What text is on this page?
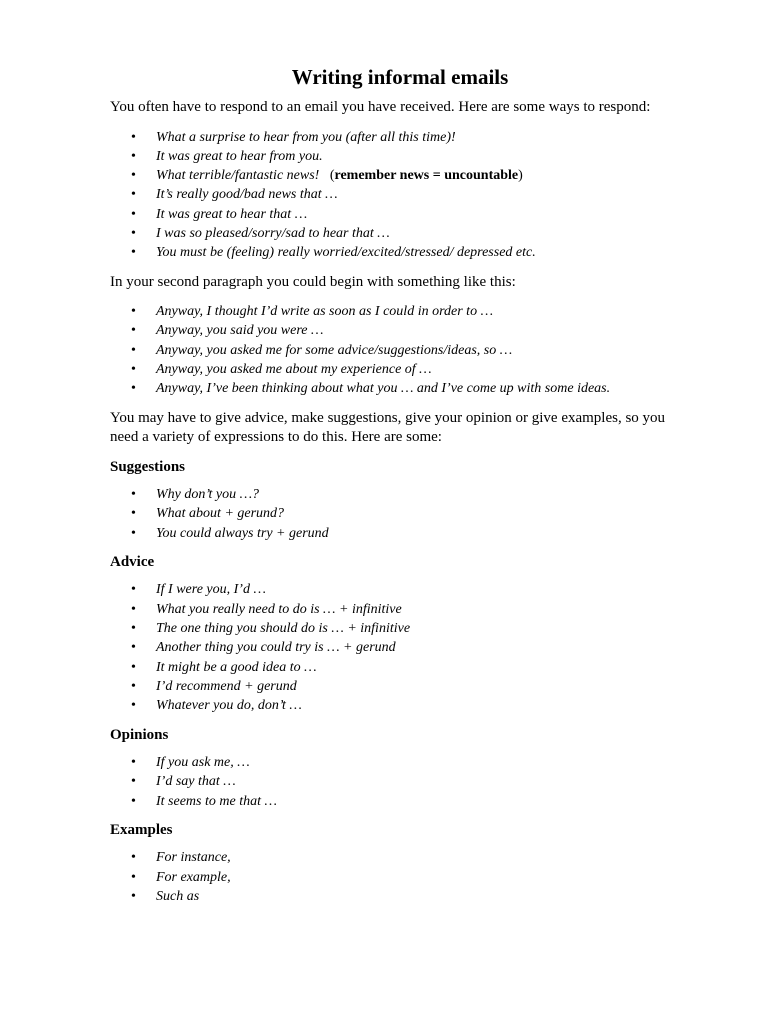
Writing informal emails
You often have to respond to an email you have received. Here are some ways to respond:
• What a surprise to hear from you (after all this time)!
• It was great to hear from you.
• What terrible/fantastic news! (remember news = uncountable)
• It’s really good/bad news that …
• It was great to hear that …
• I was so pleased/sorry/sad to hear that …
• You must be (feeling) really worried/excited/stressed/ depressed etc.
In your second paragraph you could begin with something like this:
• Anyway, I thought I’d write as soon as I could in order to …
• Anyway, you said you were …
• Anyway, you asked me for some advice/suggestions/ideas, so …
• Anyway, you asked me about my experience of …
• Anyway, I’ve been thinking about what you … and I’ve come up with some ideas.
You may have to give advice, make suggestions, give your opinion or give examples, so you need a variety of expressions to do this. Here are some:
Suggestions
• Why don’t you …?
• What about + gerund?
• You could always try + gerund
Advice
• If I were you, I’d …
• What you really need to do is … + infinitive
• The one thing you should do is … + infinitive
• Another thing you could try is … + gerund
• It might be a good idea to …
• I’d recommend + gerund
• Whatever you do, don’t …
Opinions
• If you ask me, …
• I’d say that …
• It seems to me that …
Examples
• For instance,
• For example,
• Such as
